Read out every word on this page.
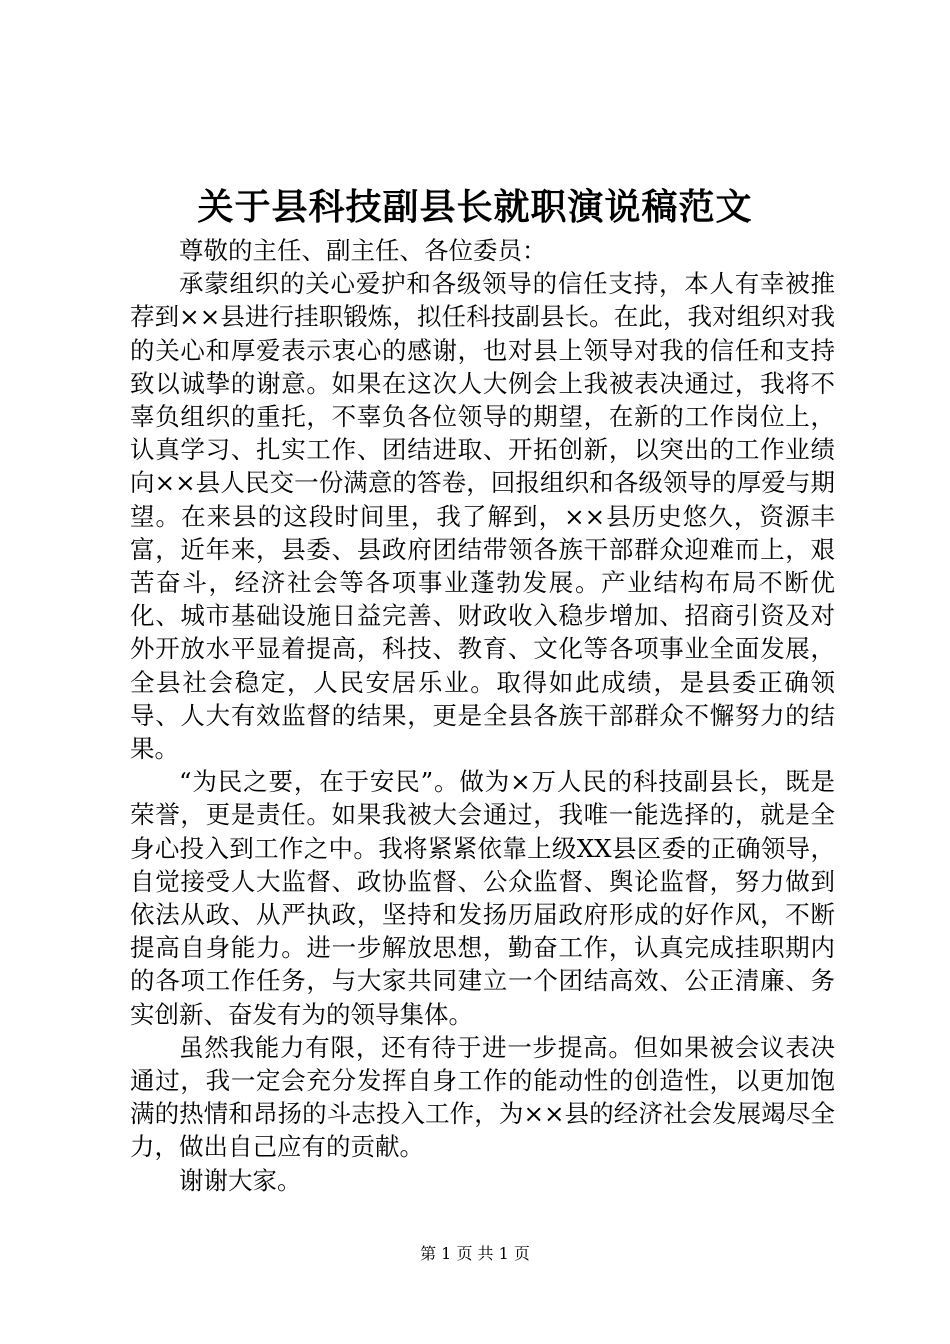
关于县科技副县长就职演说稿范文

尊敬的主任、副主任、各位委员：

承蒙组织的关心爱护和各级领导的信任支持，本人有幸被推荐到××县进行挂职锻炼，拟任科技副县长。在此，我对组织对我的关心和厚爱表示衷心的感谢，也对县上领导对我的信任和支持致以诚挚的谢意。如果在这次人大例会上我被表决通过，我将不辜负组织的重托，不辜负各位领导的期望，在新的工作岗位上，认真学习、扎实工作、团结进取、开拓创新，以突出的工作业绩向××县人民交一份满意的答卷，回报组织和各级领导的厚爱与期望。在来县的这段时间里，我了解到，××县历史悠久，资源丰富，近年来，县委、县政府团结带领各族干部群众迎难而上，艰苦奋斗，经济社会等各项事业蓬勃发展。产业结构布局不断优化、城市基础设施日益完善、财政收入稳步增加、招商引资及对外开放水平显着提高，科技、教育、文化等各项事业全面发展，全县社会稳定，人民安居乐业。取得如此成绩，是县委正确领导、人大有效监督的结果，更是全县各族干部群众不懈努力的结果。

“为民之要，在于安民”。做为×万人民的科技副县长，既是荣誉，更是责任。如果我被大会通过，我唯一能选择的，就是全身心投入到工作之中。我将紧紧依靠上级XX县区委的正确领导，自觉接受人大监督、政协监督、公众监督、舆论监督，努力做到依法从政、从严执政，坚持和发扬历届政府形成的好作风，不断提高自身能力。进一步解放思想，勤奋工作，认真完成挂职期内的各项工作任务，与大家共同建立一个团结高效、公正清廉、务实创新、奋发有为的领导集体。

虽然我能力有限，还有待于进一步提高。但如果被会议表决通过，我一定会充分发挥自身工作的能动性的创造性，以更加饱满的热情和昂扬的斗志投入工作，为××县的经济社会发展竭尽全力，做出自己应有的贡献。

谢谢大家。

第 1 页 共 1 页
